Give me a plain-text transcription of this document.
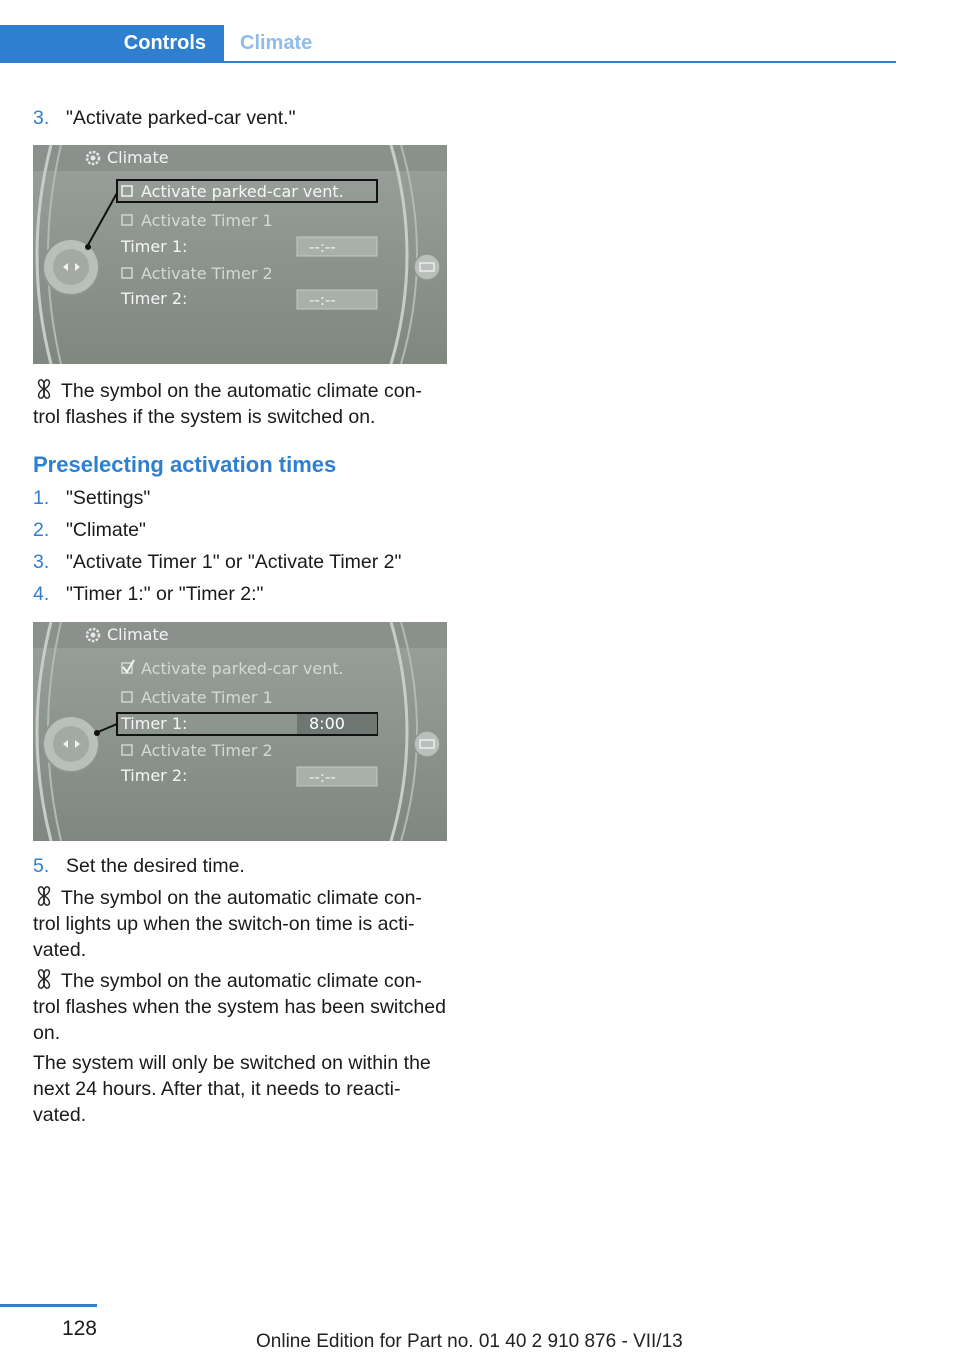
Controls	Climate
3. "Activate parked-car vent."
Climate
Activate parked-car vent.
Activate Timer 1
Timer 1:	--:--
Activate Timer 2
Timer 2:	--:--
The symbol on the automatic climate con-trol flashes if the system is switched on.
Preselecting activation times
1. "Settings"
2. "Climate"
3. "Activate Timer 1" or "Activate Timer 2"
4. "Timer 1:" or "Timer 2:"
Climate
Activate parked-car vent.
Activate Timer 1
Timer 1:	8:00
Activate Timer 2
Timer 2:	--:--
5. Set the desired time.
The symbol on the automatic climate con-trol lights up when the switch-on time is acti-vated.
The symbol on the automatic climate con-trol flashes when the system has been switched on.
The system will only be switched on within the next 24 hours. After that, it needs to reacti-vated.
128
Online Edition for Part no. 01 40 2 910 876 - VII/13
